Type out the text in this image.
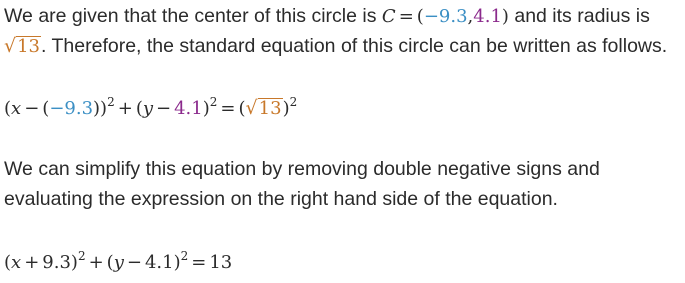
We are given that the center of this circle is C = (−9.3,4.1) and its radius is
√13. Therefore, the standard equation of this circle can be written as follows.
$(x - (-9.3))^2 + (y - 4.1)^2 = (√13)^2$
We can simplify this equation by removing double negative signs and
evaluating the expression on the right hand side of the equation.
$(x + 9.3)^2 + (y - 4.1)^2 = 13$
